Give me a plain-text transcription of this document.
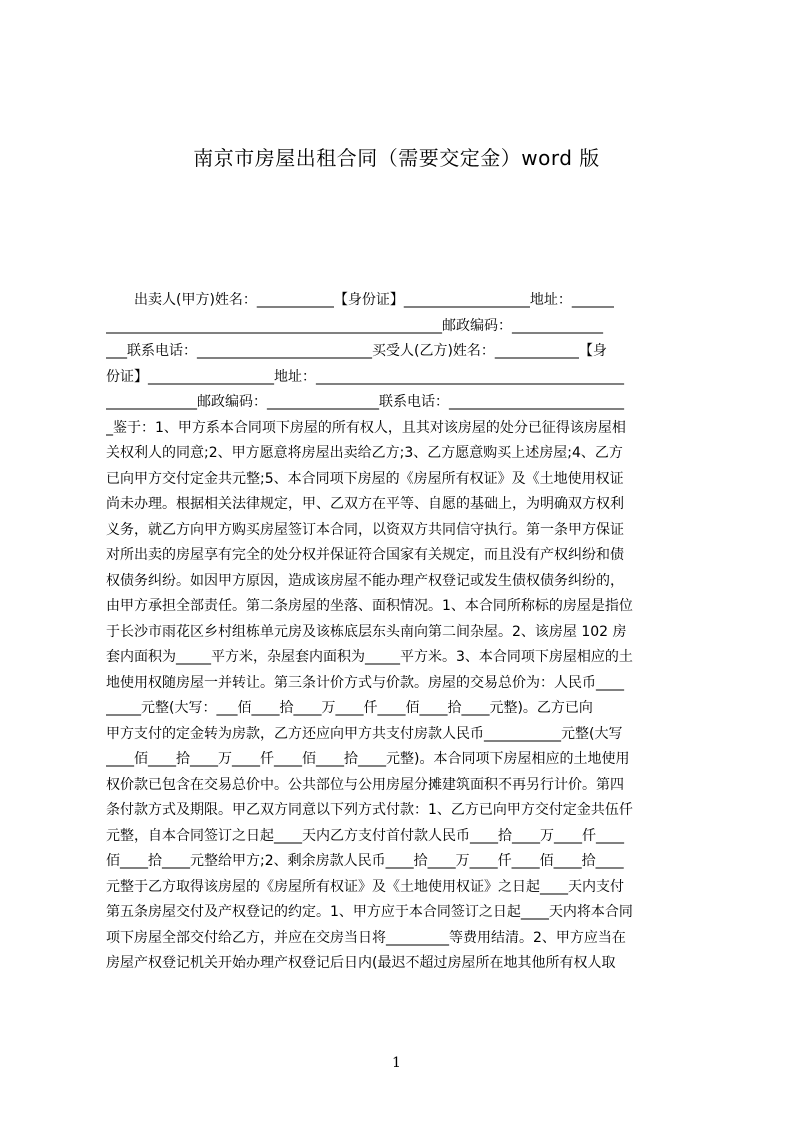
南京市房屋出租合同（需要交定金）word 版
　　出卖人(甲方)姓名：___________【身份证】__________________地址：______
________________________________________________邮政编码：_____________
___联系电话：_________________________买受人(乙方)姓名：____________【身
份证】__________________地址：____________________________________________
_____________邮政编码：________________联系电话：_________________________
_鉴于：1、甲方系本合同项下房屋的所有权人，且其对该房屋的处分已征得该房屋相
关权利人的同意;2、甲方愿意将房屋出卖给乙方;3、乙方愿意购买上述房屋;4、乙方
已向甲方交付定金共元整;5、本合同项下房屋的《房屋所有权证》及《土地使用权证
尚未办理。根据相关法律规定，甲、乙双方在平等、自愿的基础上，为明确双方权利
义务，就乙方向甲方购买房屋签订本合同，以资双方共同信守执行。第一条甲方保证
对所出卖的房屋享有完全的处分权并保证符合国家有关规定，而且没有产权纠纷和债
权债务纠纷。如因甲方原因，造成该房屋不能办理产权登记或发生债权债务纠纷的，
由甲方承担全部责任。第二条房屋的坐落、面积情况。1、本合同所称标的房屋是指位
于长沙市雨花区乡村组栋单元房及该栋底层东头南向第二间杂屋。2、该房屋 102 房
套内面积为_____平方米，杂屋套内面积为_____平方米。3、本合同项下房屋相应的土
地使用权随房屋一并转让。第三条计价方式与价款。房屋的交易总价为：人民币____
_____元整(大写：___佰____拾____万____仟____佰____拾____元整)。乙方已向
甲方支付的定金转为房款，乙方还应向甲方共支付房款人民币___________元整(大写
____佰____拾____万____仟____佰____拾____元整)。本合同项下房屋相应的土地使用
权价款已包含在交易总价中。公共部位与公用房屋分摊建筑面积不再另行计价。第四
条付款方式及期限。甲乙双方同意以下列方式付款：1、乙方已向甲方交付定金共伍仟
元整，自本合同签订之日起____天内乙方支付首付款人民币____拾____万____仟____
佰____拾____元整给甲方;2、剩余房款人民币____拾____万____仟____佰____拾____
元整于乙方取得该房屋的《房屋所有权证》及《土地使用权证》之日起____天内支付
第五条房屋交付及产权登记的约定。1、甲方应于本合同签订之日起____天内将本合同
项下房屋全部交付给乙方，并应在交房当日将_________等费用结清。2、甲方应当在
房屋产权登记机关开始办理产权登记后日内(最迟不超过房屋所在地其他所有权人取
1
